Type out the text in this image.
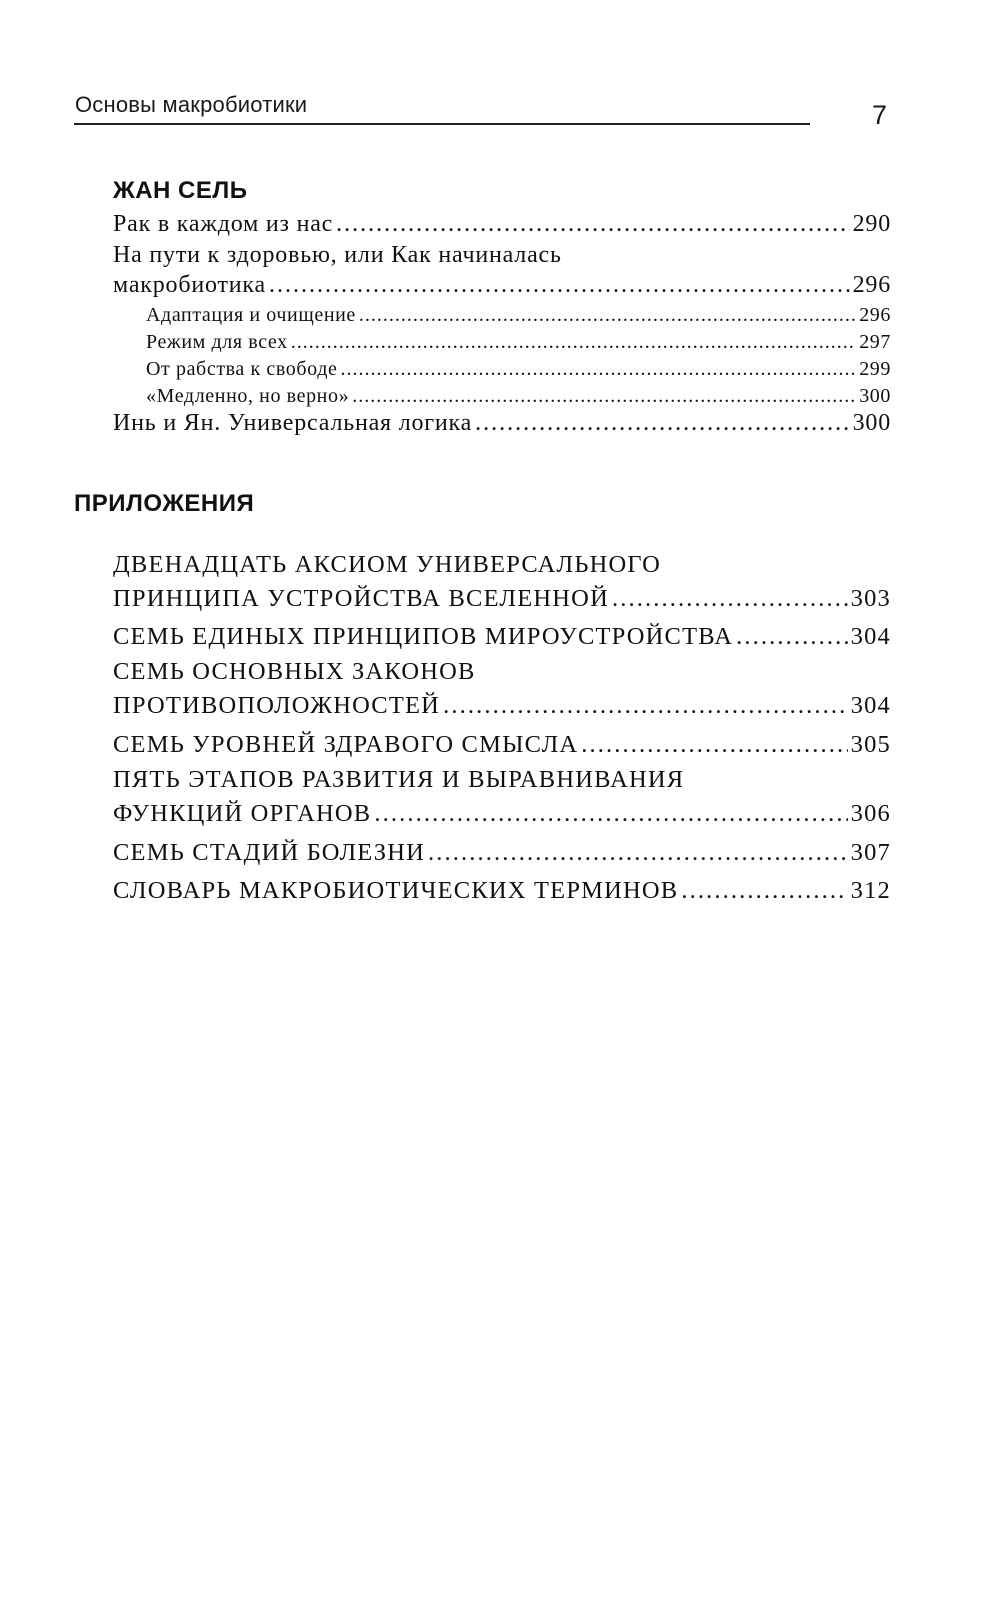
Основы макробиотики	7
ЖАН СЕЛЬ
Рак в каждом из нас . . .	290
На пути к здоровью, или Как начиналась
макробиотика . . .	296
Адаптация и очищение . . .	296
Режим для всех . . .	297
От рабства к свободе . . .	299
«Медленно, но верно» . . .	300
Инь и Ян. Универсальная логика . . .	300
ПРИЛОЖЕНИЯ
ДВЕНАДЦАТЬ АКСИОМ УНИВЕРСАЛЬНОГО
ПРИНЦИПА УСТРОЙСТВА ВСЕЛЕННОЙ . . .	303
СЕМЬ ЕДИНЫХ ПРИНЦИПОВ МИРОУСТРОЙСТВА . . .	304
СЕМЬ ОСНОВНЫХ ЗАКОНОВ
ПРОТИВОПОЛОЖНОСТЕЙ . . .	304
СЕМЬ УРОВНЕЙ ЗДРАВОГО СМЫСЛА . . .	305
ПЯТЬ ЭТАПОВ РАЗВИТИЯ И ВЫРАВНИВАНИЯ
ФУНКЦИЙ ОРГАНОВ . . .	306
СЕМЬ СТАДИЙ БОЛЕЗНИ . . .	307
СЛОВАРЬ МАКРОБИОТИЧЕСКИХ ТЕРМИНОВ . . .	312
